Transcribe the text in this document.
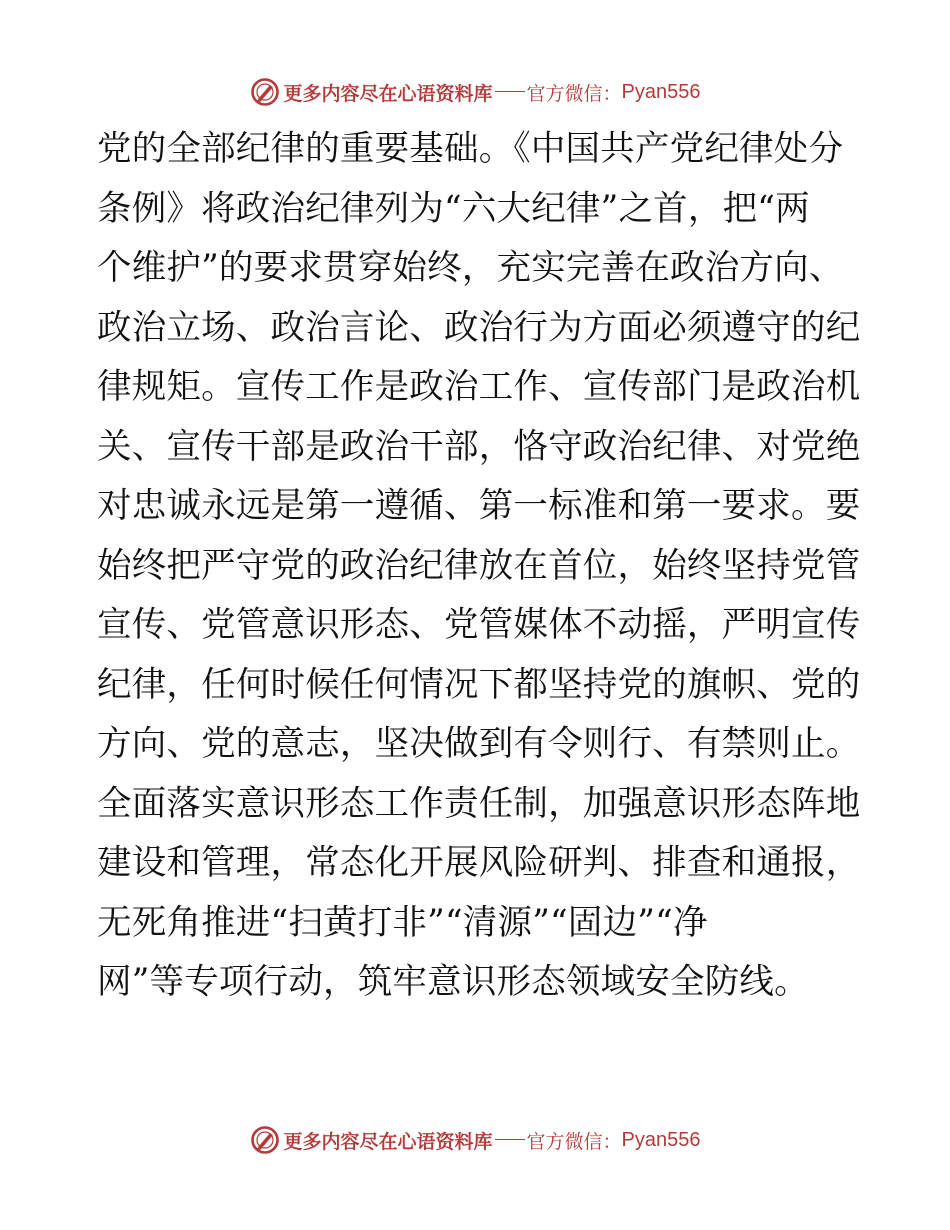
更多内容尽在心语资料库 官方微信： Pyan556
党的全部纪律的重要基础。《中国共产党纪律处分
条例》将政治纪律列为“六大纪律”之首，把“两
个维护”的要求贯穿始终，充实完善在政治方向、
政治立场、政治言论、政治行为方面必须遵守的纪
律规矩。宣传工作是政治工作、宣传部门是政治机
关、宣传干部是政治干部，恪守政治纪律、对党绝
对忠诚永远是第一遵循、第一标准和第一要求。要
始终把严守党的政治纪律放在首位，始终坚持党管
宣传、党管意识形态、党管媒体不动摇，严明宣传
纪律，任何时候任何情况下都坚持党的旗帜、党的
方向、党的意志，坚决做到有令则行、有禁则止。
全面落实意识形态工作责任制，加强意识形态阵地
建设和管理，常态化开展风险研判、排查和通报，
无死角推进“扫黄打非”“清源”“固边”“净
网”等专项行动，筑牢意识形态领域安全防线。
更多内容尽在心语资料库 官方微信： Pyan556
